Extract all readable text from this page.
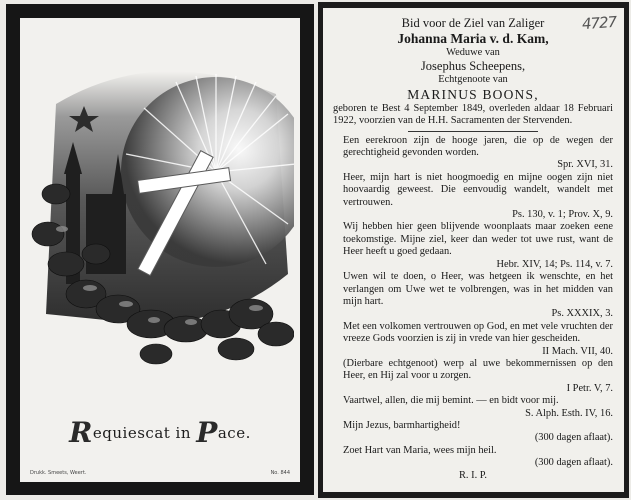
Requiescat in Pace.
Drukk. Smeets, Weert.	No. 844
4727
Bid voor de Ziel van Zaliger
Johanna Maria v. d. Kam,
Weduwe van
Josephus Scheepens,
Echtgenoote van
MARINUS BOONS,
geboren te Best 4 September 1849, overleden aldaar 18 Februari 1922, voorzien van de H.H. Sacramenten der Stervenden.
Een eerekroon zijn de hooge jaren, die op de wegen der gerechtigheid gevonden worden.
Spr. XVI, 31.
Heer, mijn hart is niet hoogmoedig en mijne oogen zijn niet hoovaardig geweest. Die eenvoudig wandelt, wandelt met vertrouwen.
Ps. 130, v. 1; Prov. X, 9.
Wij hebben hier geen blijvende woonplaats maar zoeken eene toekomstige. Mijne ziel, keer dan weder tot uwe rust, want de Heer heeft u goed gedaan.
Hebr. XIV, 14; Ps. 114, v. 7.
Uwen wil te doen, o Heer, was hetgeen ik wenschte, en het verlangen om Uwe wet te volbrengen, was in het midden van mijn hart.
Ps. XXXIX, 3.
Met een volkomen vertrouwen op God, en met vele vruchten der vreeze Gods voorzien is zij in vrede van hier gescheiden.
II Mach. VII, 40.
(Dierbare echtgenoot) werp al uwe bekommernissen op den Heer, en Hij zal voor u zorgen.
I Petr. V, 7.
Vaartwel, allen, die mij bemint. — en bidt voor mij.
S. Alph. Esth. IV, 16.
Mijn Jezus, barmhartigheid!
(300 dagen aflaat).
Zoet Hart van Maria, wees mijn heil.
(300 dagen aflaat).
R. I. P.
